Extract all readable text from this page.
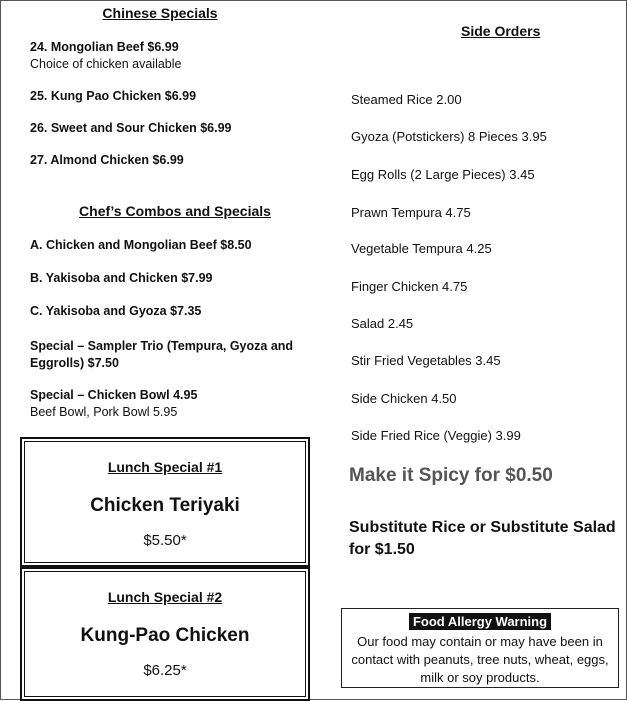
Chinese Specials
24. Mongolian Beef $6.99
Choice of chicken available
25. Kung Pao Chicken $6.99
26. Sweet and Sour Chicken $6.99
27. Almond Chicken $6.99
Chef’s Combos and Specials
A. Chicken and Mongolian Beef $8.50
B. Yakisoba and Chicken $7.99
C. Yakisoba and Gyoza $7.35
Special – Sampler Trio (Tempura, Gyoza and Eggrolls) $7.50
Special – Chicken Bowl 4.95
Beef Bowl, Pork Bowl 5.95
Lunch Special #1
Chicken Teriyaki
$5.50*
Lunch Special #2
Kung-Pao Chicken
$6.25*
Side Orders
Steamed Rice 2.00
Gyoza (Potstickers) 8 Pieces 3.95
Egg Rolls (2 Large Pieces) 3.45
Prawn Tempura 4.75
Vegetable Tempura 4.25
Finger Chicken 4.75
Salad 2.45
Stir Fried Vegetables 3.45
Side Chicken 4.50
Side Fried Rice (Veggie) 3.99
Make it Spicy for $0.50
Substitute Rice or Substitute Salad for $1.50
Food Allergy Warning
Our food may contain or may have been in contact with peanuts, tree nuts, wheat, eggs, milk or soy products.
